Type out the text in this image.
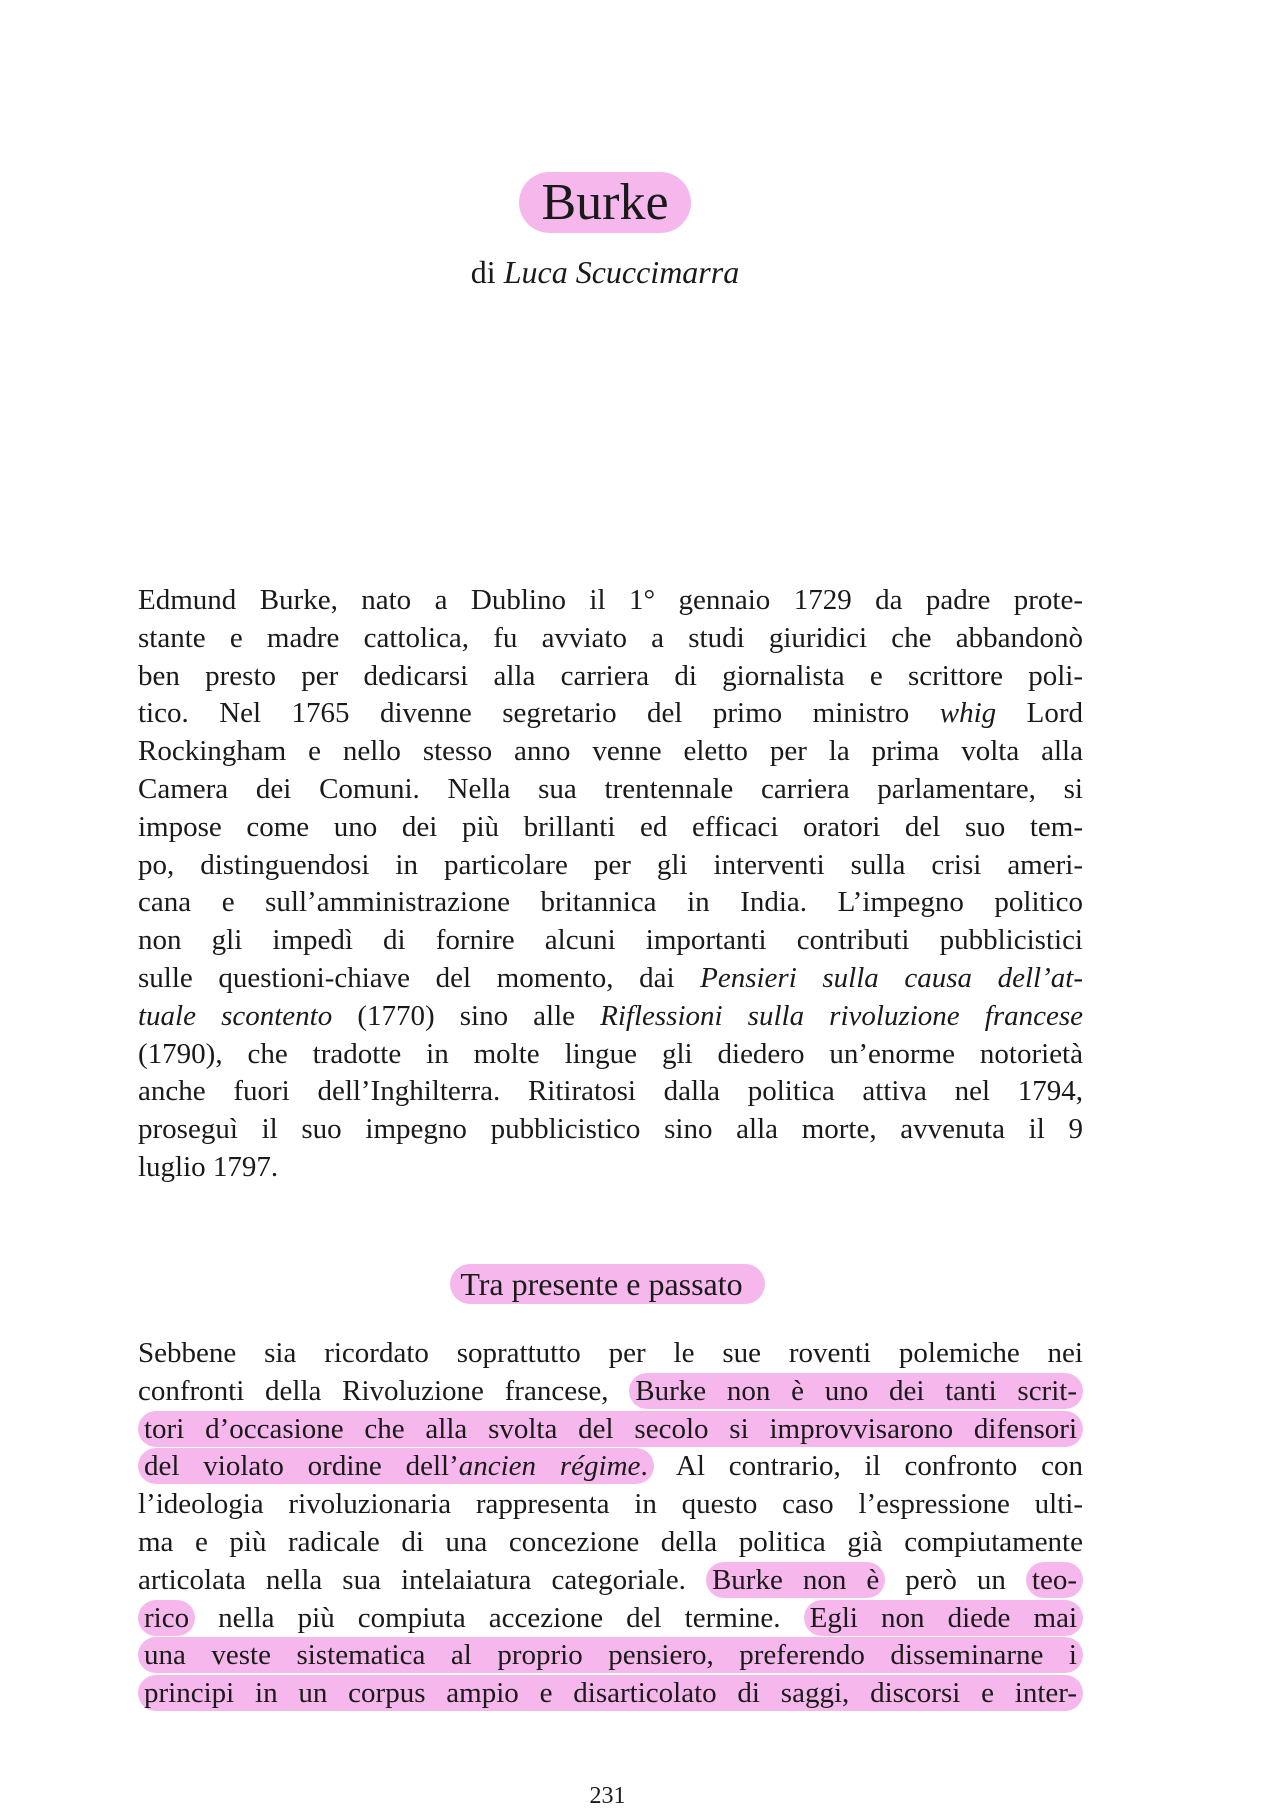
Burke
di Luca Scuccimarra
Edmund Burke, nato a Dublino il 1° gennaio 1729 da padre prote-
stante e madre cattolica, fu avviato a studi giuridici che abbandonò
ben presto per dedicarsi alla carriera di giornalista e scrittore poli-
tico. Nel 1765 divenne segretario del primo ministro whig Lord
Rockingham e nello stesso anno venne eletto per la prima volta alla
Camera dei Comuni. Nella sua trentennale carriera parlamentare, si
impose come uno dei più brillanti ed efficaci oratori del suo tem-
po, distinguendosi in particolare per gli interventi sulla crisi ameri-
cana e sull’amministrazione britannica in India. L’impegno politico
non gli impedì di fornire alcuni importanti contributi pubblicistici
sulle questioni-chiave del momento, dai Pensieri sulla causa dell’at-
tuale scontento (1770) sino alle Riflessioni sulla rivoluzione francese
(1790), che tradotte in molte lingue gli diedero un’enorme notorietà
anche fuori dell’Inghilterra. Ritiratosi dalla politica attiva nel 1794,
proseguì il suo impegno pubblicistico sino alla morte, avvenuta il 9
luglio 1797.
Tra presente e passato
Sebbene sia ricordato soprattutto per le sue roventi polemiche nei
confronti della Rivoluzione francese, Burke non è uno dei tanti scrit-
tori d’occasione che alla svolta del secolo si improvvisarono difensori
del violato ordine dell’ancien régime. Al contrario, il confronto con
l’ideologia rivoluzionaria rappresenta in questo caso l’espressione ulti-
ma e più radicale di una concezione della politica già compiutamente
articolata nella sua intelaiatura categoriale. Burke non è però un teo-
rico nella più compiuta accezione del termine. Egli non diede mai
una veste sistematica al proprio pensiero, preferendo disseminarne i
principi in un corpus ampio e disarticolato di saggi, discorsi e inter-
231
